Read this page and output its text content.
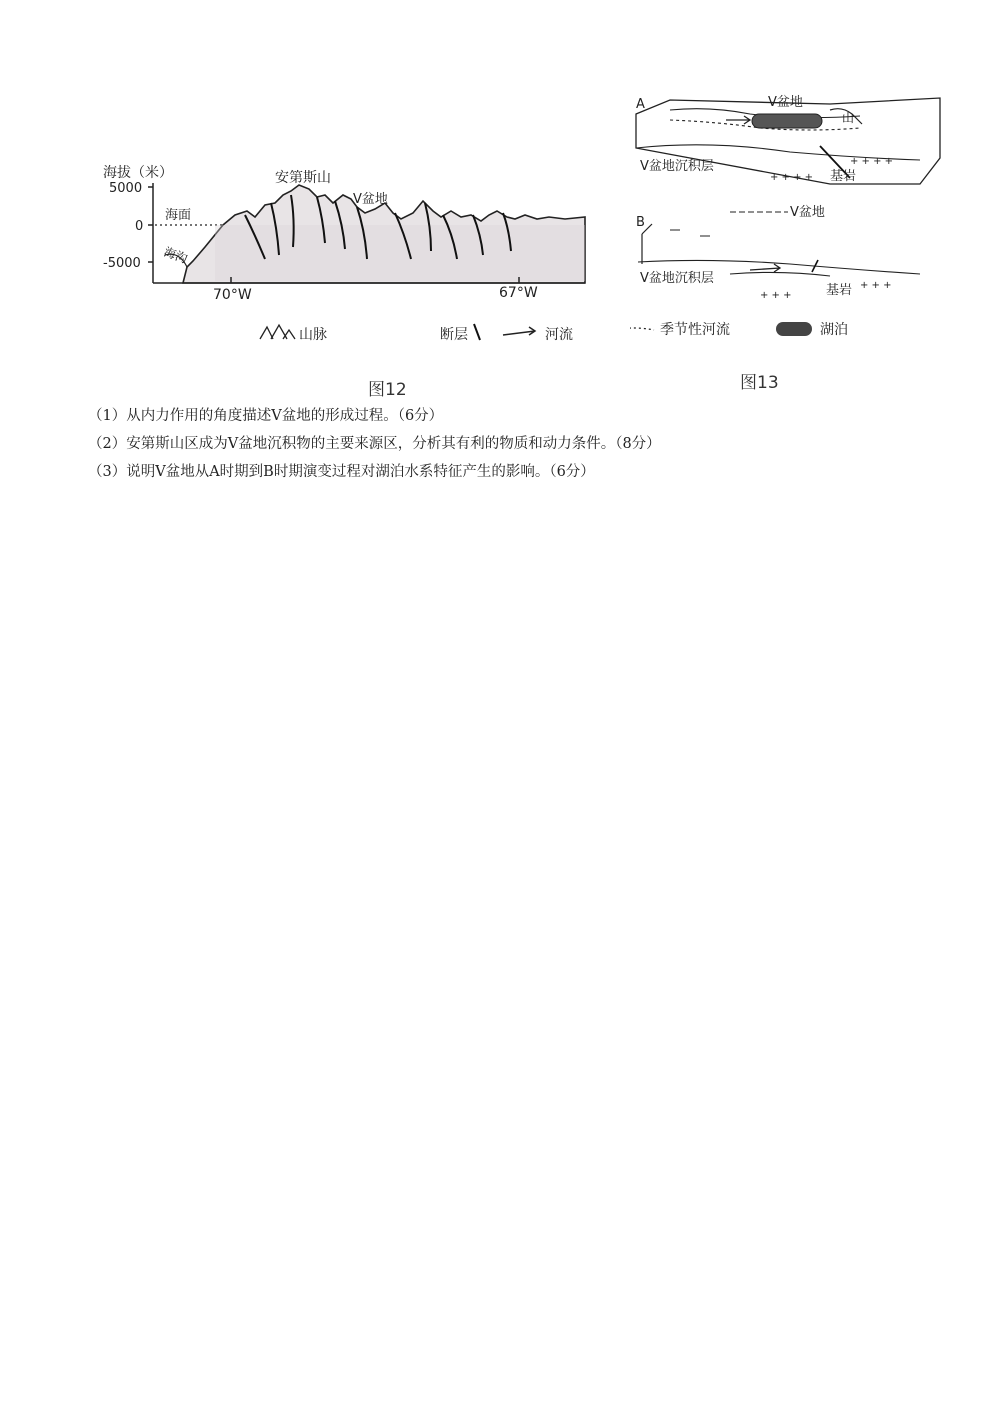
海拔（米）
5000
0
-5000
海面
海沟
安第斯山
V盆地
70°W	67°W
山脉	断层	河流
A	V盆地
山
V盆地沉积层
+ + + +
+ + + +
基岩
B
V盆地
V盆地沉积层
+ + +
+ + +
基岩
季节性河流	湖泊
图12	图13
（1）从内力作用的角度描述V盆地的形成过程。（6分）
（2）安第斯山区成为V盆地沉积物的主要来源区，分析其有利的物质和动力条件。（8分）
（3）说明V盆地从A时期到B时期演变过程对湖泊水系特征产生的影响。（6分）
